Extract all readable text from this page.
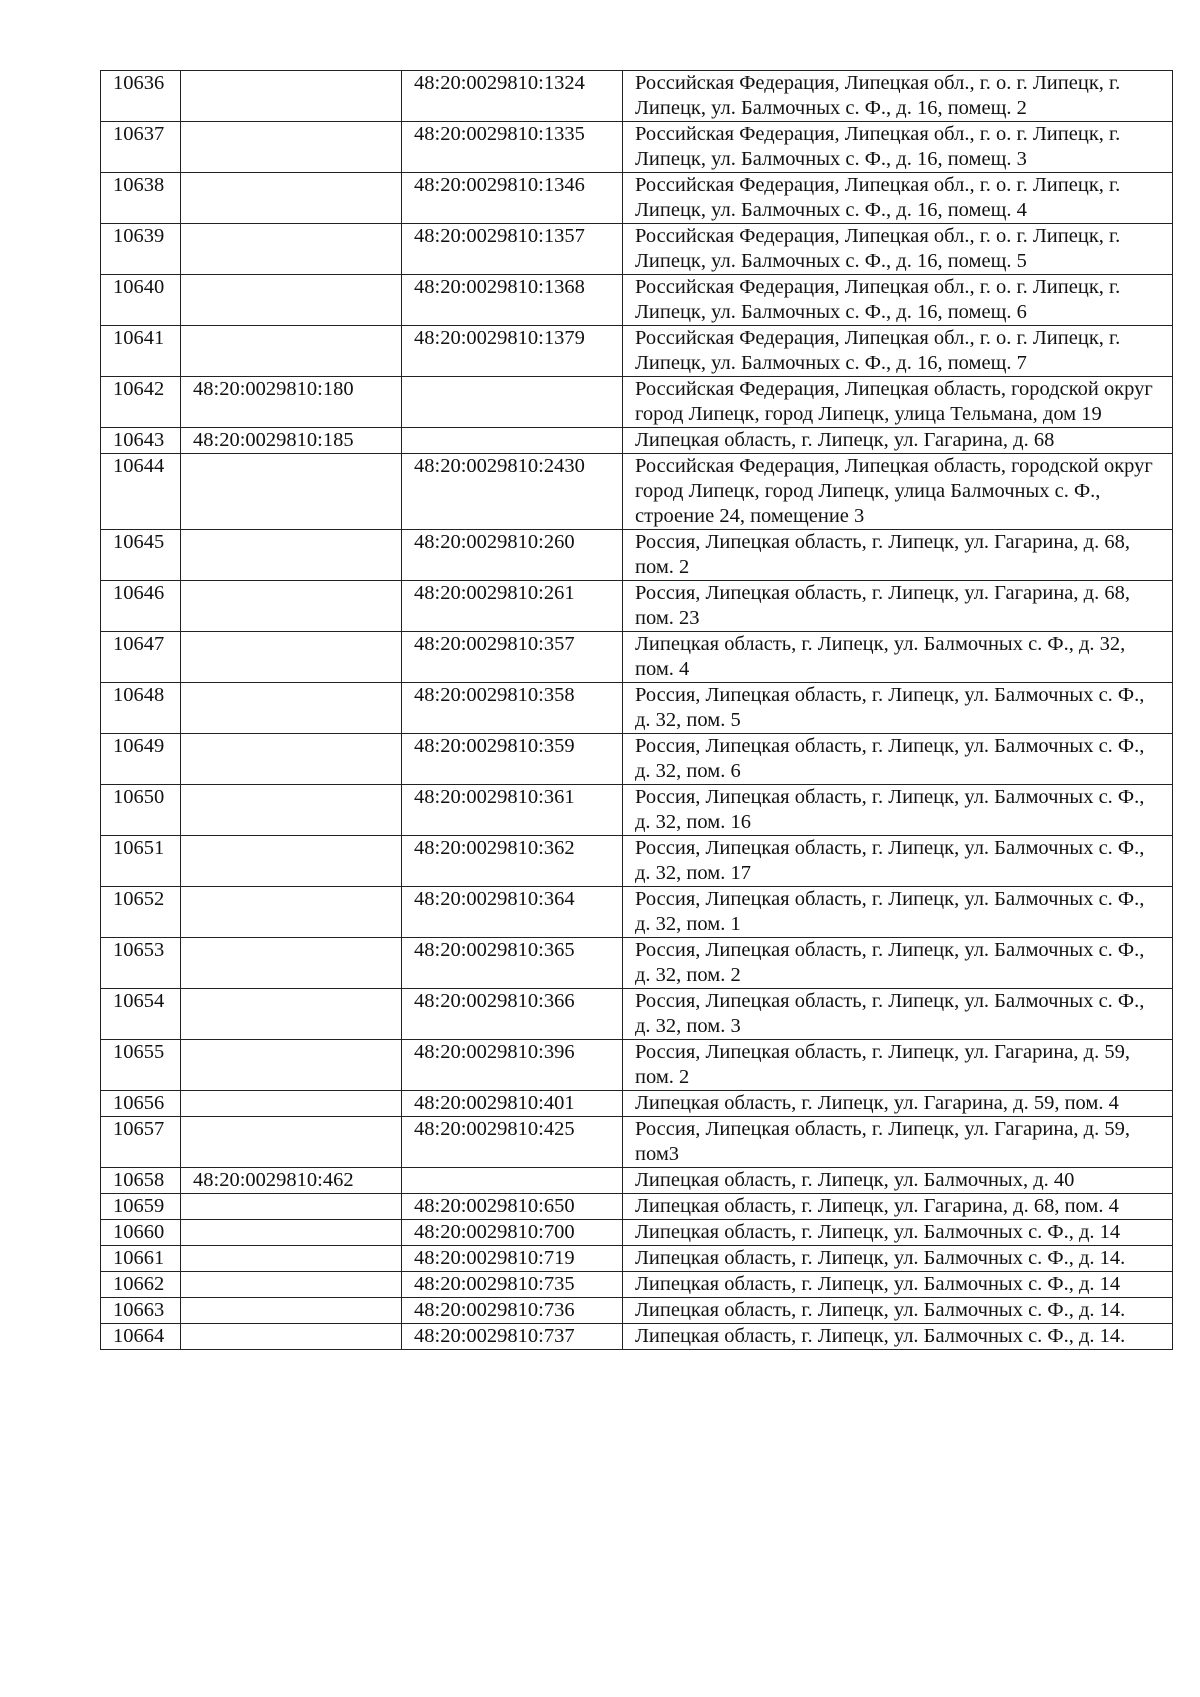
10636		48:20:0029810:1324	Российская Федерация, Липецкая обл., г. о. г. Липецк, г. Липецк, ул. Балмочных с. Ф., д. 16, помещ. 2
10637		48:20:0029810:1335	Российская Федерация, Липецкая обл., г. о. г. Липецк, г. Липецк, ул. Балмочных с. Ф., д. 16, помещ. 3
10638		48:20:0029810:1346	Российская Федерация, Липецкая обл., г. о. г. Липецк, г. Липецк, ул. Балмочных с. Ф., д. 16, помещ. 4
10639		48:20:0029810:1357	Российская Федерация, Липецкая обл., г. о. г. Липецк, г. Липецк, ул. Балмочных с. Ф., д. 16, помещ. 5
10640		48:20:0029810:1368	Российская Федерация, Липецкая обл., г. о. г. Липецк, г. Липецк, ул. Балмочных с. Ф., д. 16, помещ. 6
10641		48:20:0029810:1379	Российская Федерация, Липецкая обл., г. о. г. Липецк, г. Липецк, ул. Балмочных с. Ф., д. 16, помещ. 7
10642	48:20:0029810:180		Российская Федерация, Липецкая область, городской округ город Липецк, город Липецк, улица Тельмана, дом 19
10643	48:20:0029810:185		Липецкая область, г. Липецк, ул. Гагарина, д. 68
10644		48:20:0029810:2430	Российская Федерация, Липецкая область, городской округ город Липецк, город Липецк, улица Балмочных с. Ф., строение 24, помещение 3
10645		48:20:0029810:260	Россия, Липецкая область, г. Липецк, ул. Гагарина, д. 68, пом. 2
10646		48:20:0029810:261	Россия, Липецкая область, г. Липецк, ул. Гагарина, д. 68, пом. 23
10647		48:20:0029810:357	Липецкая область, г. Липецк, ул. Балмочных с. Ф., д. 32, пом. 4
10648		48:20:0029810:358	Россия, Липецкая область, г. Липецк, ул. Балмочных с. Ф., д. 32, пом. 5
10649		48:20:0029810:359	Россия, Липецкая область, г. Липецк, ул. Балмочных с. Ф., д. 32, пом. 6
10650		48:20:0029810:361	Россия, Липецкая область, г. Липецк, ул. Балмочных с. Ф., д. 32, пом. 16
10651		48:20:0029810:362	Россия, Липецкая область, г. Липецк, ул. Балмочных с. Ф., д. 32, пом. 17
10652		48:20:0029810:364	Россия, Липецкая область, г. Липецк, ул. Балмочных с. Ф., д. 32, пом. 1
10653		48:20:0029810:365	Россия, Липецкая область, г. Липецк, ул. Балмочных с. Ф., д. 32, пом. 2
10654		48:20:0029810:366	Россия, Липецкая область, г. Липецк, ул. Балмочных с. Ф., д. 32, пом. 3
10655		48:20:0029810:396	Россия, Липецкая область, г. Липецк, ул. Гагарина, д. 59, пом. 2
10656		48:20:0029810:401	Липецкая область, г. Липецк, ул. Гагарина, д. 59, пом. 4
10657		48:20:0029810:425	Россия, Липецкая область, г. Липецк, ул. Гагарина, д. 59, пом3
10658	48:20:0029810:462		Липецкая область, г. Липецк, ул. Балмочных, д. 40
10659		48:20:0029810:650	Липецкая область, г. Липецк, ул. Гагарина, д. 68, пом. 4
10660		48:20:0029810:700	Липецкая область, г. Липецк, ул. Балмочных с. Ф., д. 14
10661		48:20:0029810:719	Липецкая область, г. Липецк, ул. Балмочных с. Ф., д. 14.
10662		48:20:0029810:735	Липецкая область, г. Липецк, ул. Балмочных с. Ф., д. 14
10663		48:20:0029810:736	Липецкая область, г. Липецк, ул. Балмочных с. Ф., д. 14.
10664		48:20:0029810:737	Липецкая область, г. Липецк, ул. Балмочных с. Ф., д. 14.
